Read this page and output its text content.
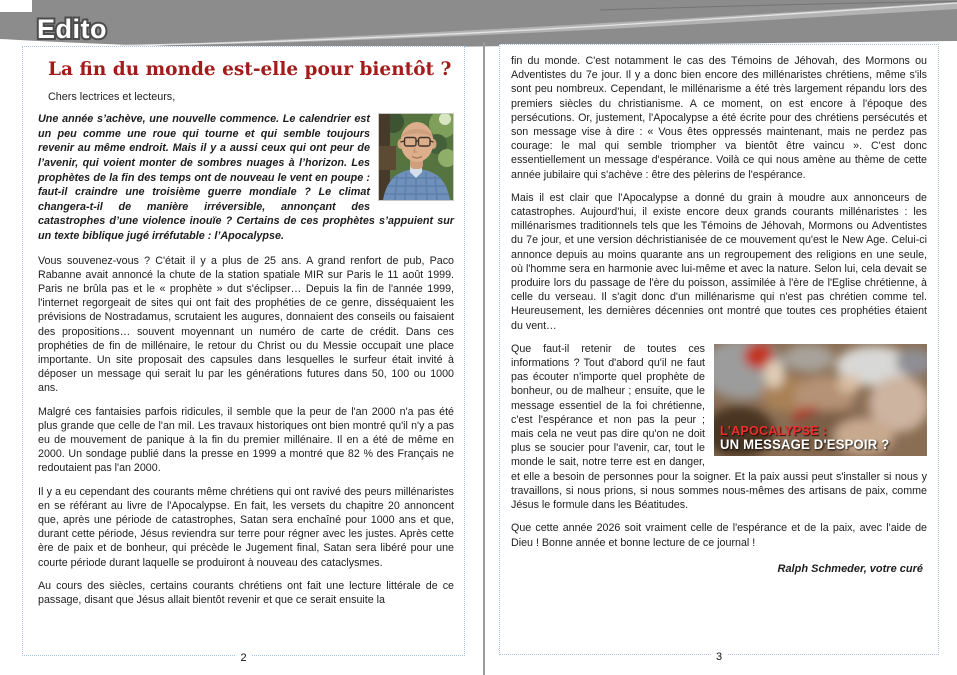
Edito
La fin du monde est-elle pour bientôt ?

Chers lectrices et lecteurs,

Une année s’achève, une nouvelle commence. Le calendrier est un peu comme une roue qui tourne et qui semble toujours revenir au même endroit. Mais il y a aussi ceux qui ont peur de l’avenir, qui voient monter de sombres nuages à l’horizon. Les prophètes de la fin des temps ont de nouveau le vent en poupe : faut-il craindre une troisième guerre mondiale ? Le climat changera-t-il de manière irréversible, annonçant des catastrophes d’une violence inouïe ? Certains de ces prophètes s’appuient sur un texte biblique jugé irréfutable : l’Apocalypse.

Vous souvenez-vous ? C'était il y a plus de 25 ans. A grand renfort de pub, Paco Rabanne avait annoncé la chute de la station spatiale MIR sur Paris le 11 août 1999. Paris ne brûla pas et le « prophète » dut s'éclipser… Depuis la fin de l'année 1999, l'internet regorgeait de sites qui ont fait des prophéties de ce genre, disséquaient les prévisions de Nostradamus, scrutaient les augures, donnaient des conseils ou faisaient des propositions… souvent moyennant un numéro de carte de crédit. Dans ces prophéties de fin de millénaire, le retour du Christ ou du Messie occupait une place importante. Un site proposait des capsules dans lesquelles le surfeur était invité à déposer un message qui serait lu par les générations futures dans 50, 100 ou 1000 ans.

Malgré ces fantaisies parfois ridicules, il semble que la peur de l'an 2000 n'a pas été plus grande que celle de l'an mil. Les travaux historiques ont bien montré qu'il n'y a pas eu de mouvement de panique à la fin du premier millénaire. Il en a été de même en 2000. Un sondage publié dans la presse en 1999 a montré que 82 % des Français ne redoutaient pas l'an 2000.

Il y a eu cependant des courants même chrétiens qui ont ravivé des peurs millénaristes en se référant au livre de l'Apocalypse. En fait, les versets du chapitre 20 annoncent que, après une période de catastrophes, Satan sera enchaîné pour 1000 ans et que, durant cette période, Jésus reviendra sur terre pour régner avec les justes. Après cette ère de paix et de bonheur, qui précède le Jugement final, Satan sera libéré pour une courte période durant laquelle se produiront à nouveau des cataclysmes.

Au cours des siècles, certains courants chrétiens ont fait une lecture littérale de ce passage, disant que Jésus allait bientôt revenir et que ce serait ensuite la

2

fin du monde. C'est notamment le cas des Témoins de Jéhovah, des Mormons ou Adventistes du 7e jour. Il y a donc bien encore des millénaristes chrétiens, même s'ils sont peu nombreux. Cependant, le millénarisme a été très largement répandu lors des premiers siècles du christianisme. A ce moment, on est encore à l'époque des persécutions. Or, justement, l'Apocalypse a été écrite pour des chrétiens persécutés et son message vise à dire : « Vous êtes oppressés maintenant, mais ne perdez pas courage: le mal qui semble triompher va bientôt être vaincu ». C'est donc essentiellement un message d'espérance. Voilà ce qui nous amène au thème de cette année jubilaire qui s'achève : être des pèlerins de l'espérance.

Mais il est clair que l'Apocalypse a donné du grain à moudre aux annonceurs de catastrophes. Aujourd'hui, il existe encore deux grands courants millénaristes : les millénarismes traditionnels tels que les Témoins de Jéhovah, Mormons ou Adventistes du 7e jour, et une version déchristianisée de ce mouvement qu'est le New Age. Celui-ci annonce depuis au moins quarante ans un regroupement des religions en une seule, où l'homme sera en harmonie avec lui-même et avec la nature. Selon lui, cela devait se produire lors du passage de l'ère du poisson, assimilée à l'ère de l'Eglise chrétienne, à celle du verseau. Il s'agit donc d'un millénarisme qui n'est pas chrétien comme tel. Heureusement, les dernières décennies ont montré que toutes ces prophéties étaient du vent…

L'APOCALYPSE :
UN MESSAGE D'ESPOIR ?
Que faut-il retenir de toutes ces informations ? Tout d'abord qu'il ne faut pas écouter n'importe quel prophète de bonheur, ou de malheur ; ensuite, que le message essentiel de la foi chrétienne, c'est l'espérance et non pas la peur ; mais cela ne veut pas dire qu'on ne doit plus se soucier pour l'avenir, car, tout le monde le sait, notre terre est en danger, et elle a besoin de personnes pour la soigner. Et la paix aussi peut s'installer si nous y travaillons, si nous prions, si nous sommes nous-mêmes des artisans de paix, comme Jésus le formule dans les Béatitudes.

Que cette année 2026 soit vraiment celle de l'espérance et de la paix, avec l'aide de Dieu ! Bonne année et bonne lecture de ce journal !

Ralph Schmeder, votre curé

3
